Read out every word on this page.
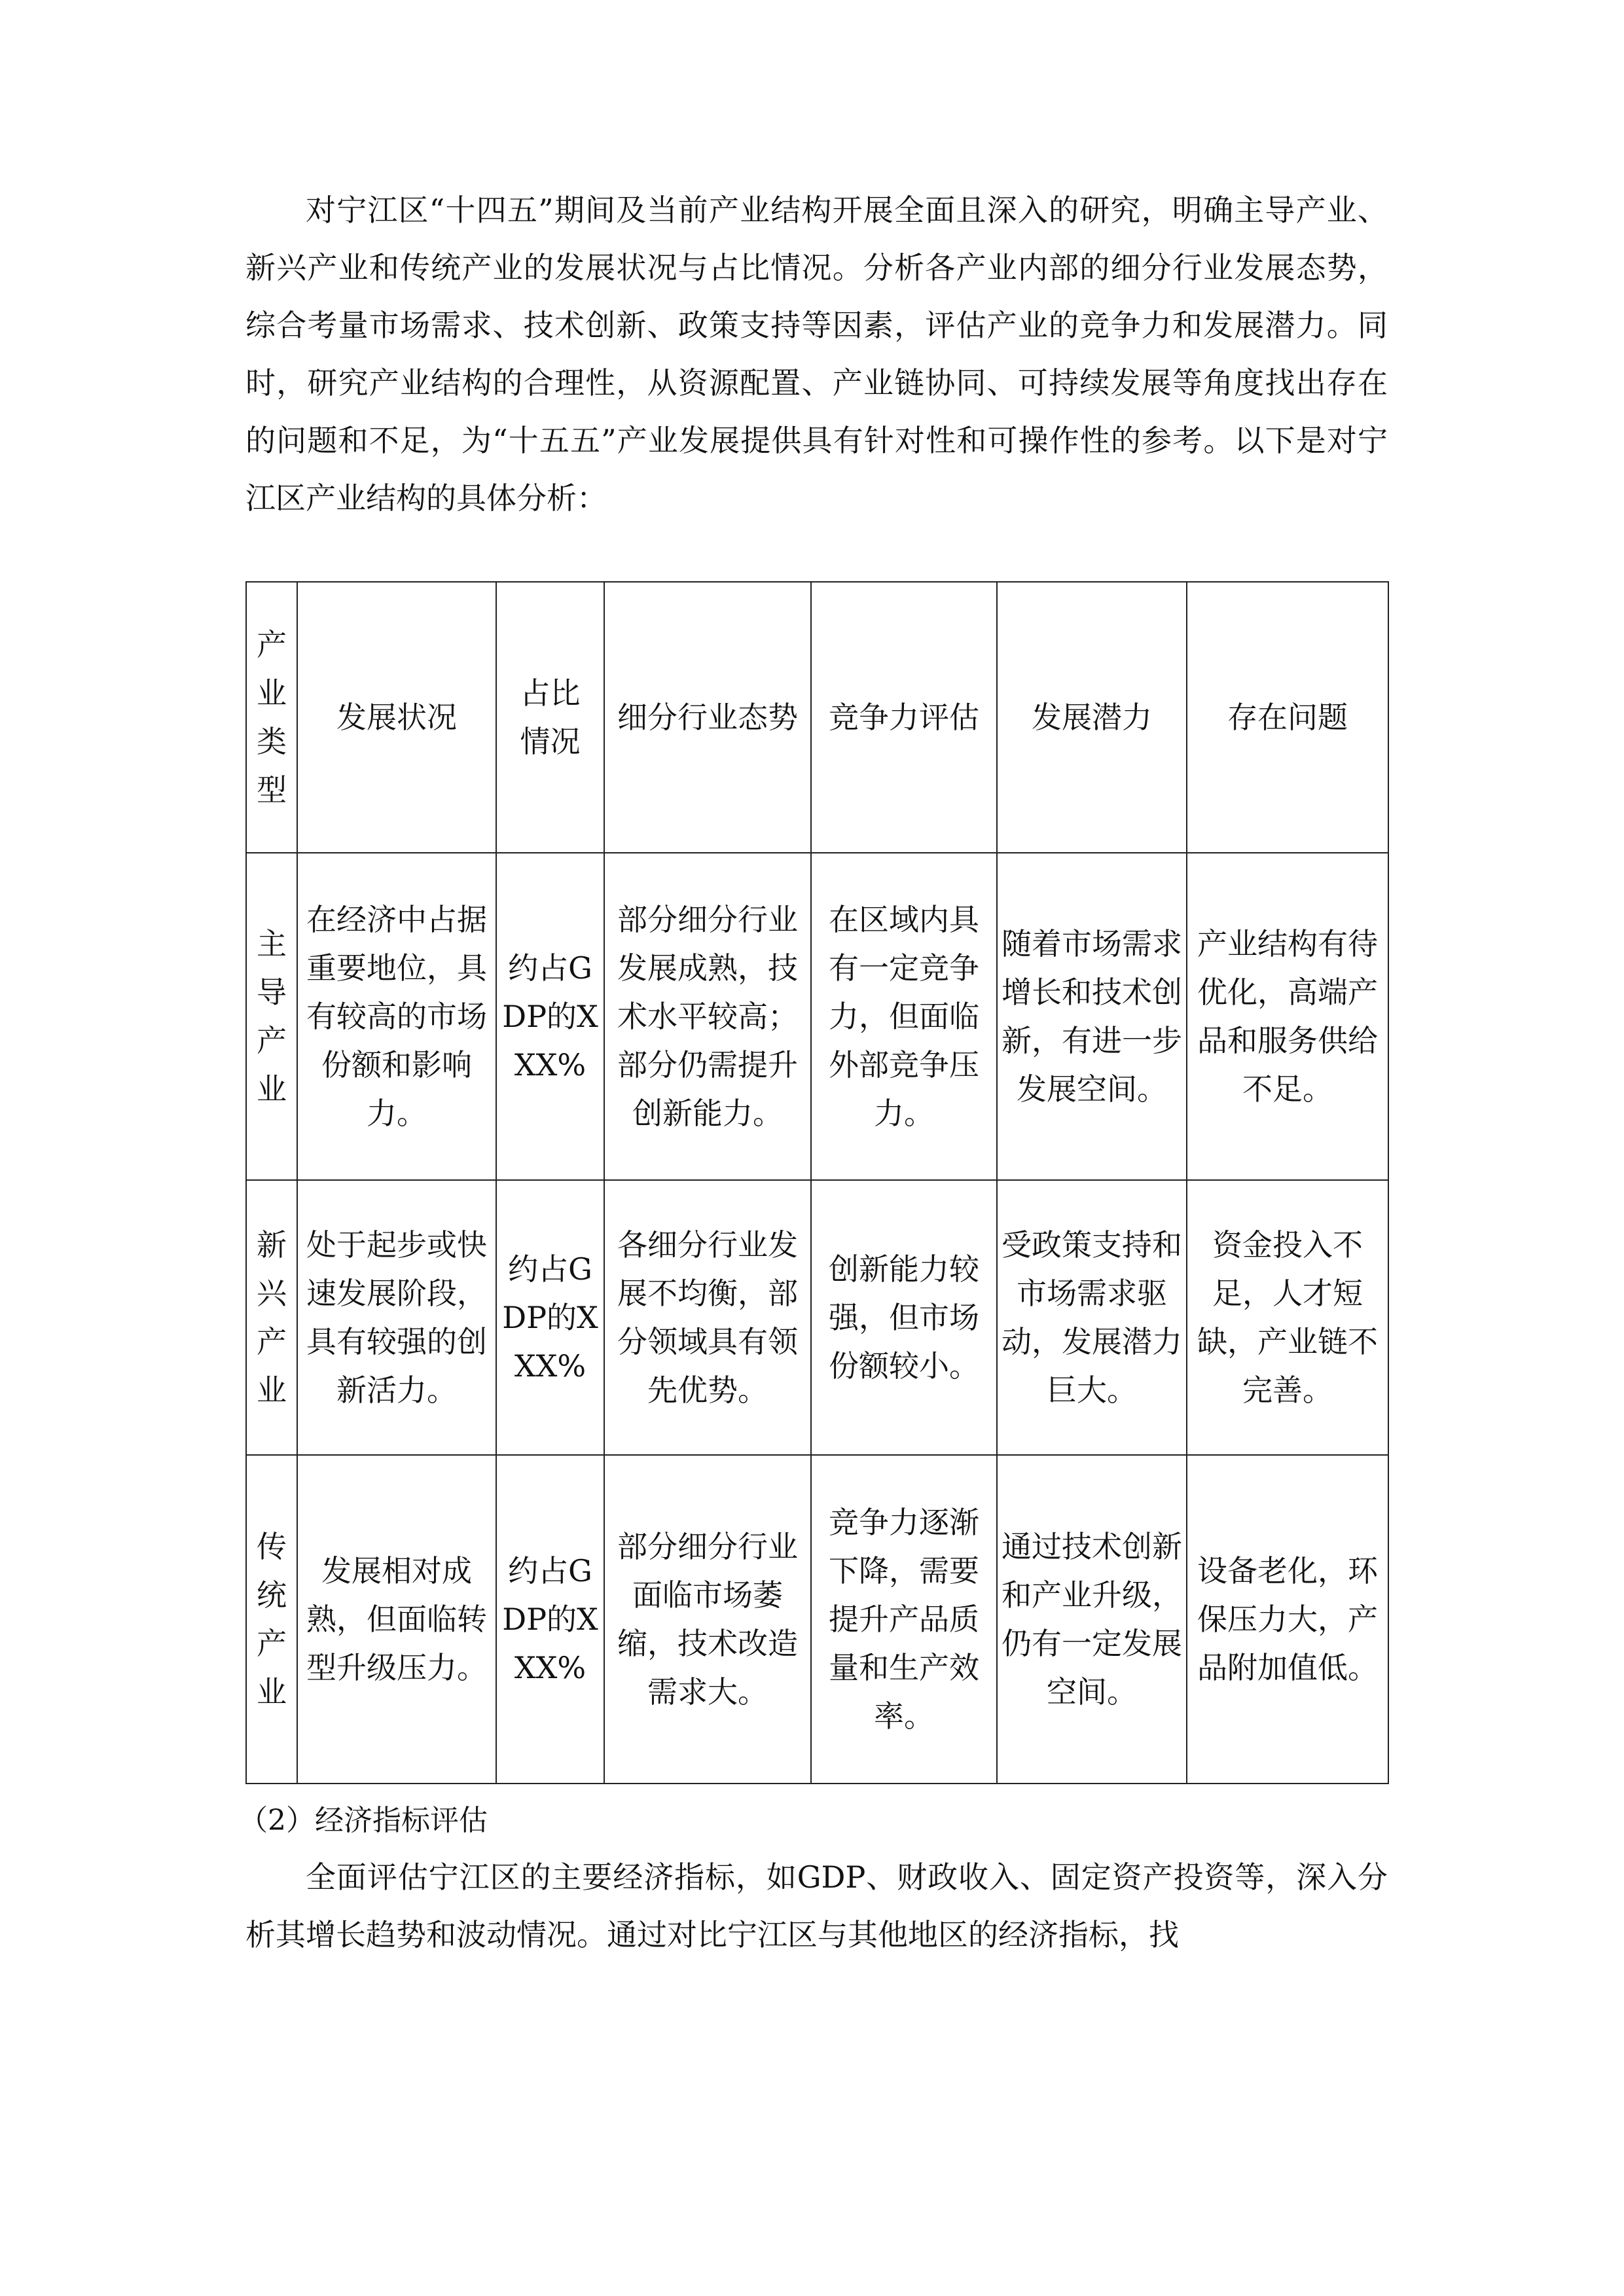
对宁江区“十四五”期间及当前产业结构开展全面且深入的研究，明确主导产业、新兴产业和传统产业的发展状况与占比情况。分析各产业内部的细分行业发展态势，综合考量市场需求、技术创新、政策支持等因素，评估产业的竞争力和发展潜力。同时，研究产业结构的合理性，从资源配置、产业链协同、可持续发展等角度找出存在的问题和不足，为“十五五”产业发展提供具有针对性和可操作性的参考。以下是对宁江区产业结构的具体分析：

产业类型	发展状况	占比情况	细分行业态势	竞争力评估	发展潜力	存在问题

主导产业	在经济中占据重要地位，具有较高的市场份额和影响力。	约占GDP的XXX%	部分细分行业发展成熟，技术水平较高；部分仍需提升创新能力。	在区域内具有一定竞争力，但面临外部竞争压力。	随着市场需求增长和技术创新，有进一步发展空间。	产业结构有待优化，高端产品和服务供给不足。

新兴产业	处于起步或快速发展阶段，具有较强的创新活力。	约占GDP的XXX%	各细分行业发展不均衡，部分领域具有领先优势。	创新能力较强，但市场份额较小。	受政策支持和市场需求驱动，发展潜力巨大。	资金投入不足，人才短缺，产业链不完善。

传统产业	发展相对成熟，但面临转型升级压力。	约占GDP的XXX%	部分细分行业面临市场萎缩，技术改造需求大。	竞争力逐渐下降，需要提升产品质量和生产效率。	通过技术创新和产业升级，仍有一定发展空间。	设备老化，环保压力大，产品附加值低。

（2）经济指标评估

全面评估宁江区的主要经济指标，如GDP、财政收入、固定资产投资等，深入分析其增长趋势和波动情况。通过对比宁江区与其他地区的经济指标，找
